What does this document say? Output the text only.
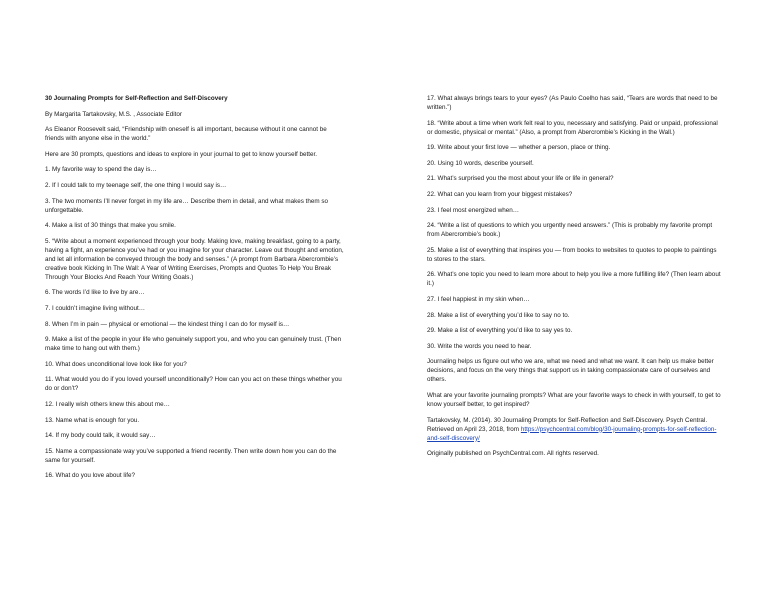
30 Journaling Prompts for Self-Reflection and Self-Discovery

By Margarita Tartakovsky, M.S. , Associate Editor

As Eleanor Roosevelt said, “Friendship with oneself is all important, because without it one cannot be friends with anyone else in the world.”

Here are 30 prompts, questions and ideas to explore in your journal to get to know yourself better.

1. My favorite way to spend the day is…

2. If I could talk to my teenage self, the one thing I would say is…

3. The two moments I’ll never forget in my life are… Describe them in detail, and what makes them so unforgettable.

4. Make a list of 30 things that make you smile.

5. “Write about a moment experienced through your body. Making love, making breakfast, going to a party, having a fight, an experience you’ve had or you imagine for your character. Leave out thought and emotion, and let all information be conveyed through the body and senses.” (A prompt from Barbara Abercrombie’s creative book Kicking In The Wall: A Year of Writing Exercises, Prompts and Quotes To Help You Break Through Your Blocks And Reach Your Writing Goals.)

6. The words I’d like to live by are…

7. I couldn’t imagine living without…

8. When I’m in pain — physical or emotional — the kindest thing I can do for myself is…

9. Make a list of the people in your life who genuinely support you, and who you can genuinely trust. (Then make time to hang out with them.)

10. What does unconditional love look like for you?

11. What would you do if you loved yourself unconditionally? How can you act on these things whether you do or don’t?

12. I really wish others knew this about me…

13. Name what is enough for you.

14. If my body could talk, it would say…

15. Name a compassionate way you’ve supported a friend recently. Then write down how you can do the same for yourself.

16. What do you love about life?

17. What always brings tears to your eyes? (As Paulo Coelho has said, “Tears are words that need to be written.”)

18. “Write about a time when work felt real to you, necessary and satisfying. Paid or unpaid, professional or domestic, physical or mental.” (Also, a prompt from Abercrombie’s Kicking in the Wall.)

19. Write about your first love — whether a person, place or thing.

20. Using 10 words, describe yourself.

21. What’s surprised you the most about your life or life in general?

22. What can you learn from your biggest mistakes?

23. I feel most energized when…

24. “Write a list of questions to which you urgently need answers.” (This is probably my favorite prompt from Abercrombie’s book.)

25. Make a list of everything that inspires you — from books to websites to quotes to people to paintings to stores to the stars.

26. What’s one topic you need to learn more about to help you live a more fulfilling life? (Then learn about it.)

27. I feel happiest in my skin when…

28. Make a list of everything you’d like to say no to.

29. Make a list of everything you’d like to say yes to.

30. Write the words you need to hear.

Journaling helps us figure out who we are, what we need and what we want. It can help us make better decisions, and focus on the very things that support us in taking compassionate care of ourselves and others.

What are your favorite journaling prompts? What are your favorite ways to check in with yourself, to get to know yourself better, to get inspired?

Tartakovsky, M. (2014). 30 Journaling Prompts for Self-Reflection and Self-Discovery. Psych Central. Retrieved on April 23, 2018, from https://psychcentral.com/blog/30-journaling-prompts-for-self-reflection-and-self-discovery/

Originally published on PsychCentral.com. All rights reserved.
